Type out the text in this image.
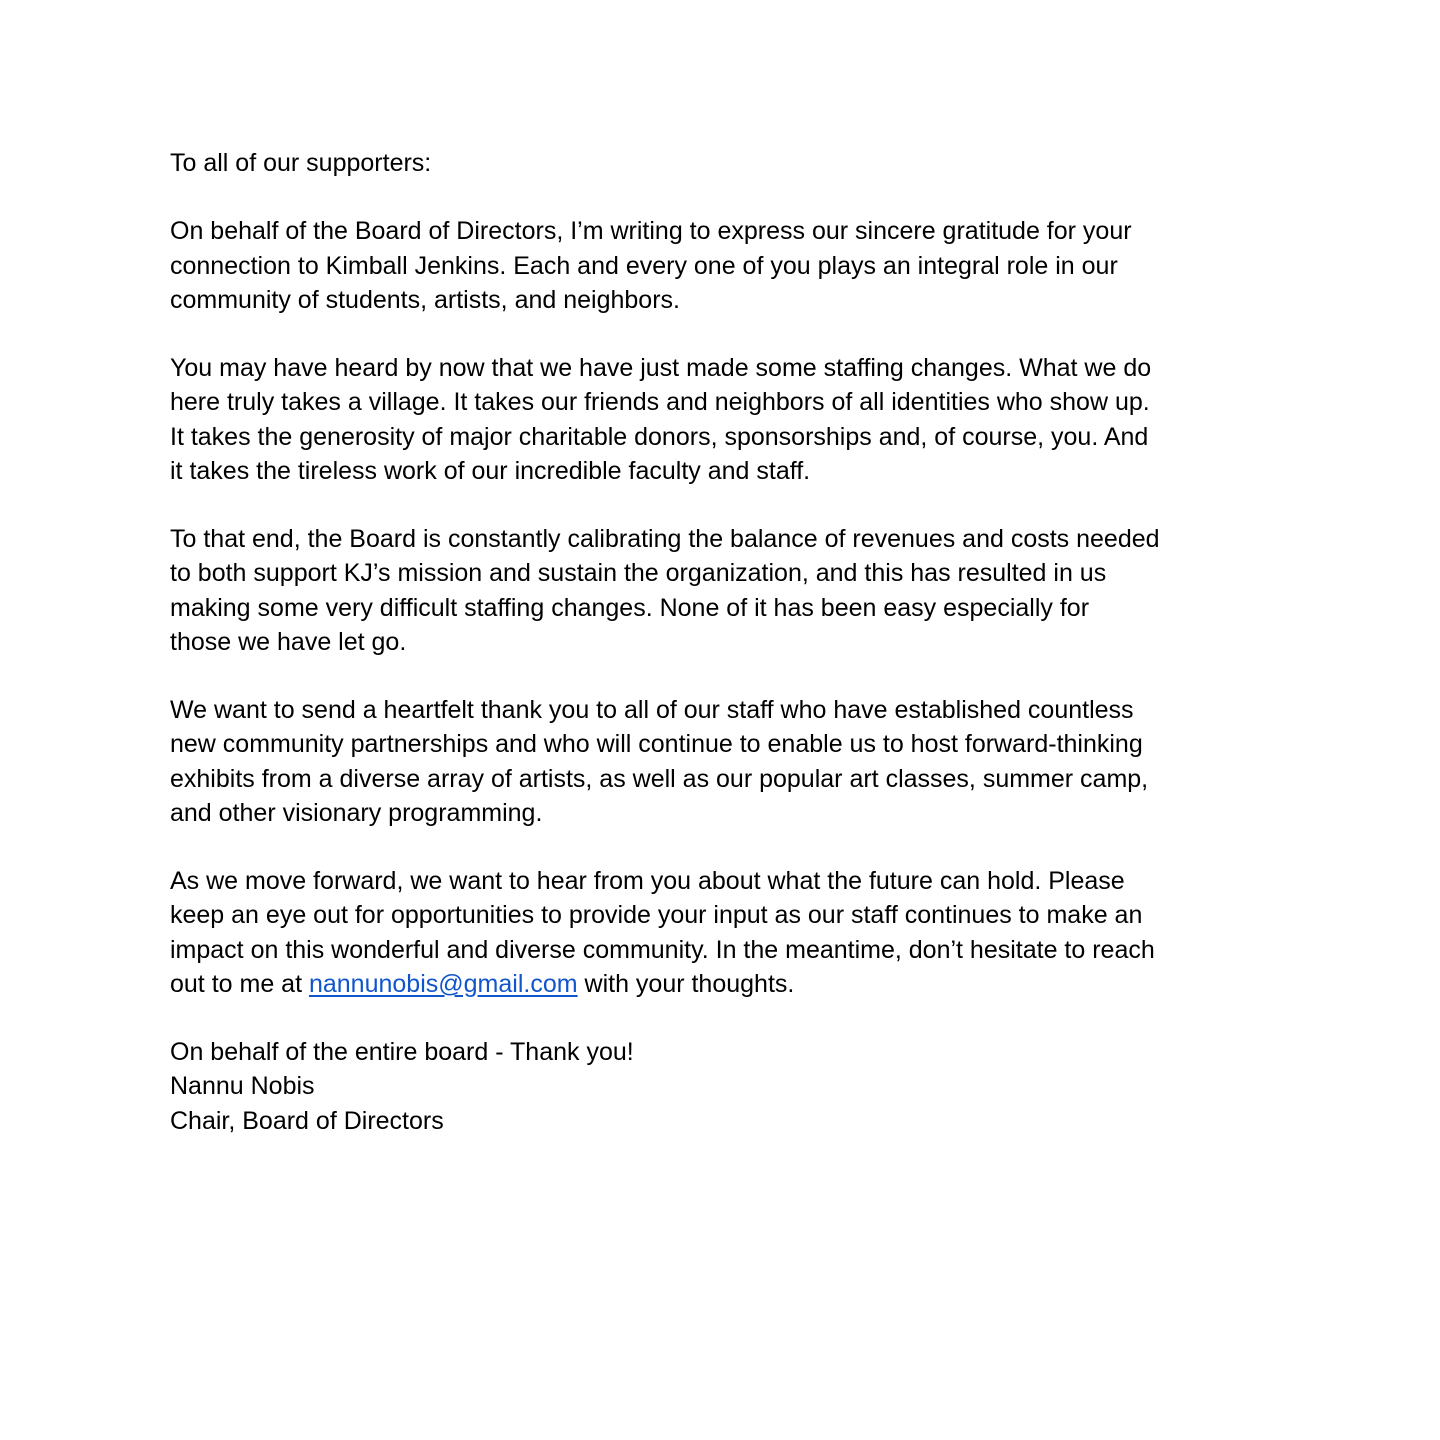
To all of our supporters:
On behalf of the Board of Directors, I’m writing to express our sincere gratitude for your
connection to Kimball Jenkins. Each and every one of you plays an integral role in our
community of students, artists, and neighbors.
You may have heard by now that we have just made some staffing changes. What we do
here truly takes a village. It takes our friends and neighbors of all identities who show up.
It takes the generosity of major charitable donors, sponsorships and, of course, you. And
it takes the tireless work of our incredible faculty and staff.
To that end, the Board is constantly calibrating the balance of revenues and costs needed
to both support KJ’s mission and sustain the organization, and this has resulted in us
making some very difficult staffing changes. None of it has been easy especially for
those we have let go.
We want to send a heartfelt thank you to all of our staff who have established countless
new community partnerships and who will continue to enable us to host forward-thinking
exhibits from a diverse array of artists, as well as our popular art classes, summer camp,
and other visionary programming.
As we move forward, we want to hear from you about what the future can hold. Please
keep an eye out for opportunities to provide your input as our staff continues to make an
impact on this wonderful and diverse community. In the meantime, don’t hesitate to reach
out to me at nannunobis@gmail.com with your thoughts.
On behalf of the entire board - Thank you!
Nannu Nobis
Chair, Board of Directors
